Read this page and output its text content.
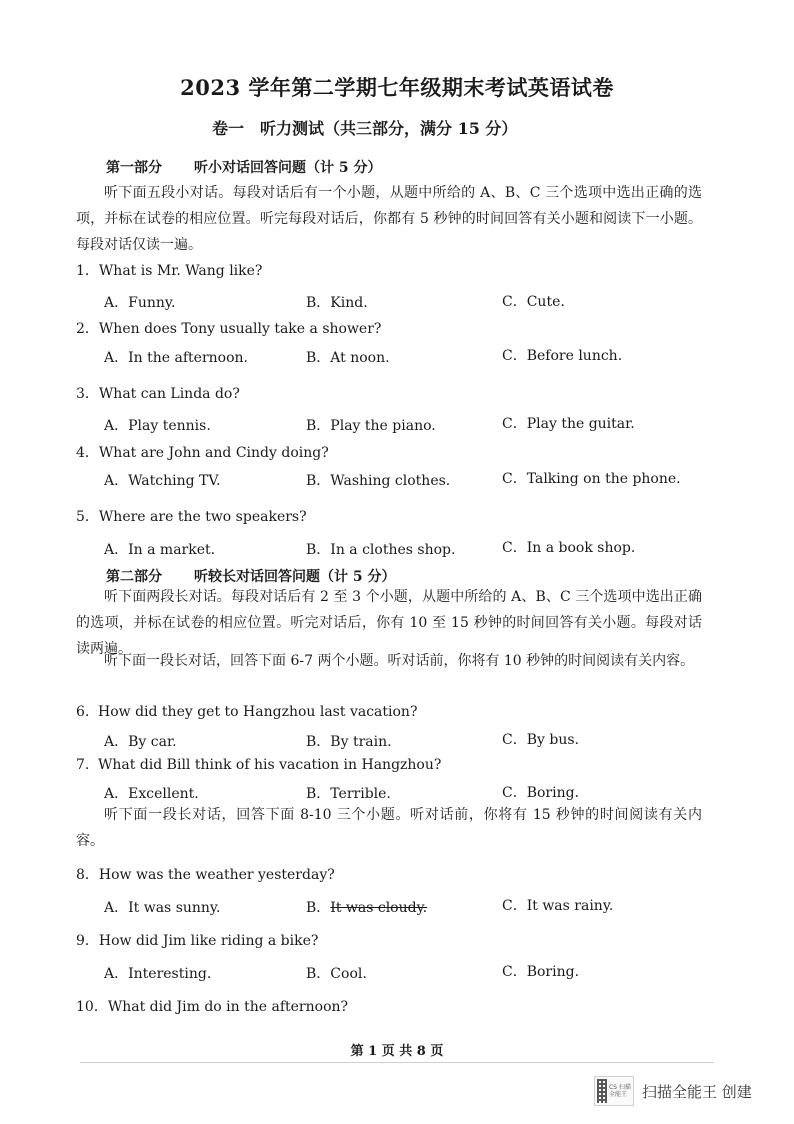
2023 学年第二学期七年级期末考试英语试卷
卷一　听力测试（共三部分，满分 15 分）
第一部分 听小对话回答问题（计 5 分）
听下面五段小对话。每段对话后有一个小题，从题中所给的 A、B、C 三个选项中选出正确的选项，并标在试卷的相应位置。听完每段对话后，你都有 5 秒钟的时间回答有关小题和阅读下一小题。每段对话仅读一遍。
1．What is Mr. Wang like?
A．Funny.	B．Kind.	C．Cute.
2．When does Tony usually take a shower?
A．In the afternoon.	B．At noon.	C．Before lunch.
3．What can Linda do?
A．Play tennis.	B．Play the piano.	C．Play the guitar.
4．What are John and Cindy doing?
A．Watching TV.	B．Washing clothes.	C．Talking on the phone.
5．Where are the two speakers?
A．In a market.	B．In a clothes shop.	C．In a book shop.
第二部分 听较长对话回答问题（计 5 分）
听下面两段长对话。每段对话后有 2 至 3 个小题，从题中所给的 A、B、C 三个选项中选出正确的选项，并标在试卷的相应位置。听完对话后，你有 10 至 15 秒钟的时间回答有关小题。每段对话读两遍。
听下面一段长对话，回答下面 6-7 两个小题。听对话前，你将有 10 秒钟的时间阅读有关内容。
6. How did they get to Hangzhou last vacation?
A．By car.	B．By train.	C．By bus.
7. What did Bill think of his vacation in Hangzhou?
A．Excellent.	B．Terrible.	C．Boring.
听下面一段长对话，回答下面 8-10 三个小题。听对话前，你将有 15 秒钟的时间阅读有关内容。
8．How was the weather yesterday?
A．It was sunny.	B．It was cloudy.	C．It was rainy.
9．How did Jim like riding a bike?
A．Interesting.	B．Cool.	C．Boring.
10．What did Jim do in the afternoon?
第 1 页 共 8 页
CS 扫描全能王 扫描全能王 创建
